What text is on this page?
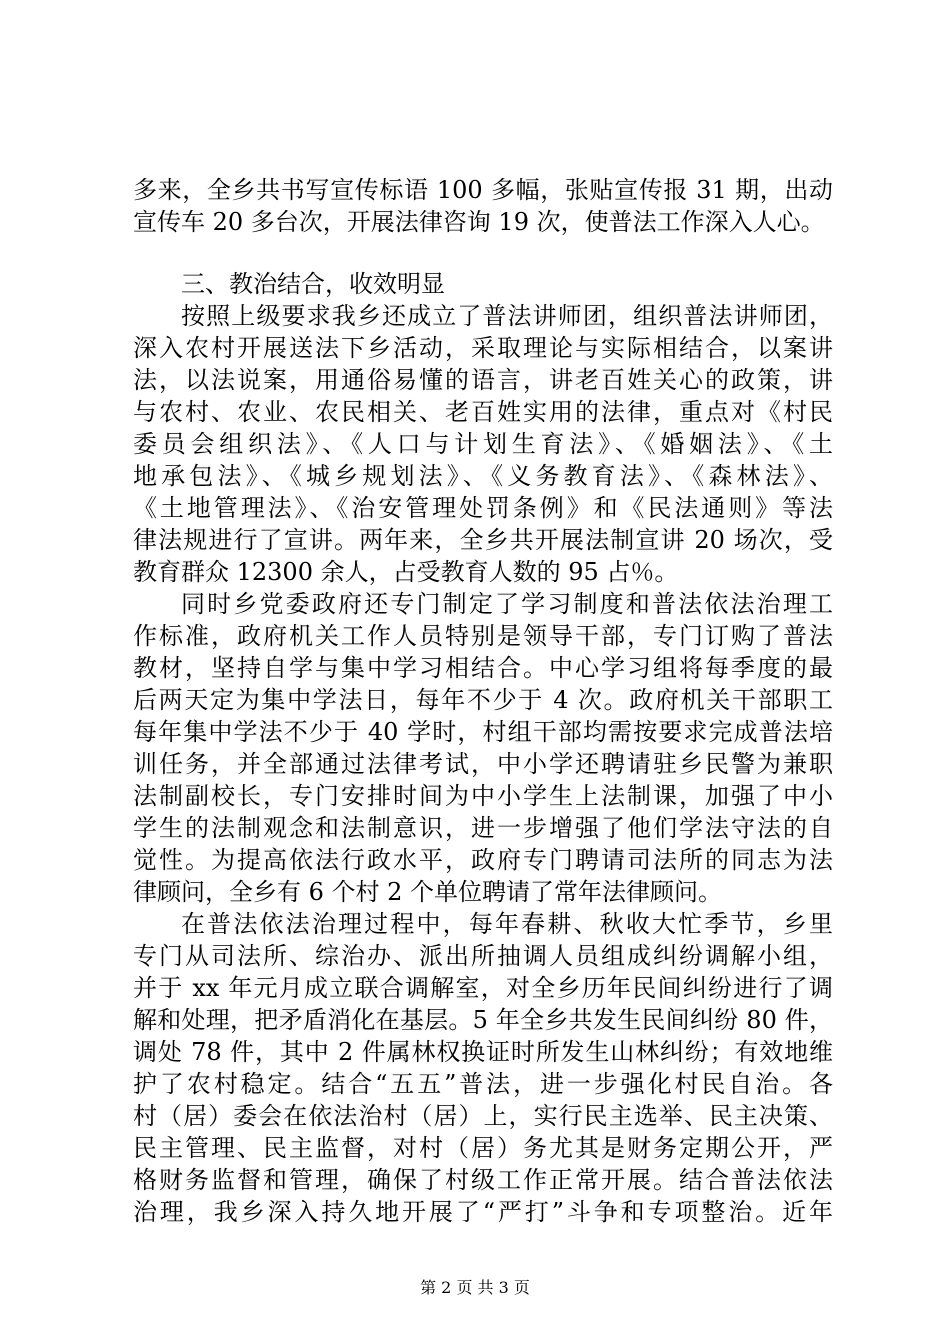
多来，全乡共书写宣传标语 100 多幅，张贴宣传报 31 期，出动
宣传车 20 多台次，开展法律咨询 19 次，使普法工作深入人心。
三、教治结合，收效明显
按照上级要求我乡还成立了普法讲师团，组织普法讲师团，
深入农村开展送法下乡活动，采取理论与实际相结合，以案讲
法，以法说案，用通俗易懂的语言，讲老百姓关心的政策，讲
与农村、农业、农民相关、老百姓实用的法律，重点对《村民
委员会组织法》、《人口与计划生育法》、《婚姻法》、《土
地承包法》、《城乡规划法》、《义务教育法》、《森林法》、
《土地管理法》、《治安管理处罚条例》和《民法通则》等法
律法规进行了宣讲。两年来，全乡共开展法制宣讲 20 场次，受
教育群众 12300 余人，占受教育人数的 95 占％。
同时乡党委政府还专门制定了学习制度和普法依法治理工
作标准，政府机关工作人员特别是领导干部，专门订购了普法
教材，坚持自学与集中学习相结合。中心学习组将每季度的最
后两天定为集中学法日，每年不少于 4 次。政府机关干部职工
每年集中学法不少于 40 学时，村组干部均需按要求完成普法培
训任务，并全部通过法律考试，中小学还聘请驻乡民警为兼职
法制副校长，专门安排时间为中小学生上法制课，加强了中小
学生的法制观念和法制意识，进一步增强了他们学法守法的自
觉性。为提高依法行政水平，政府专门聘请司法所的同志为法
律顾问，全乡有 6 个村 2 个单位聘请了常年法律顾问。
在普法依法治理过程中，每年春耕、秋收大忙季节，乡里
专门从司法所、综治办、派出所抽调人员组成纠纷调解小组，
并于 xx 年元月成立联合调解室，对全乡历年民间纠纷进行了调
解和处理，把矛盾消化在基层。5 年全乡共发生民间纠纷 80 件，
调处 78 件，其中 2 件属林权换证时所发生山林纠纷；有效地维
护了农村稳定。结合“五五”普法，进一步强化村民自治。各
村（居）委会在依法治村（居）上，实行民主选举、民主决策、
民主管理、民主监督，对村（居）务尤其是财务定期公开，严
格财务监督和管理，确保了村级工作正常开展。结合普法依法
治理，我乡深入持久地开展了“严打”斗争和专项整治。近年
第 2 页 共 3 页
